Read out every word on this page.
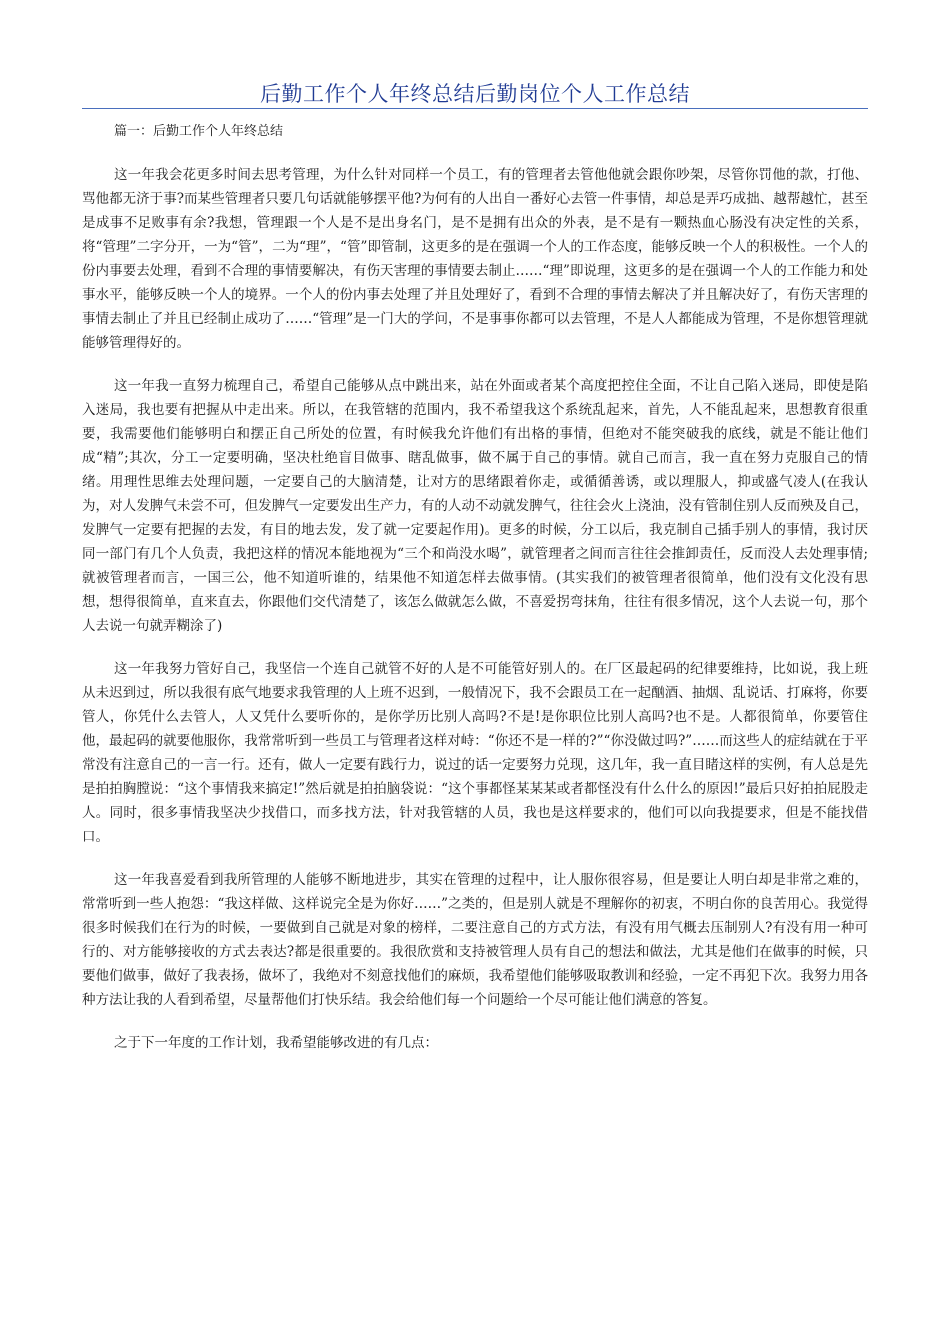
后勤工作个人年终总结后勤岗位个人工作总结

篇一：后勤工作个人年终总结

这一年我会花更多时间去思考管理，为什么针对同样一个员工，有的管理者去管他他就会跟你吵架，尽管你罚他的款，打他、骂他都无济于事?而某些管理者只要几句话就能够摆平他?为何有的人出自一番好心去管一件事情，却总是弄巧成拙、越帮越忙，甚至是成事不足败事有余?我想，管理跟一个人是不是出身名门，是不是拥有出众的外表，是不是有一颗热血心肠没有决定性的关系，将“管理”二字分开，一为“管”，二为“理”，“管”即管制，这更多的是在强调一个人的工作态度，能够反映一个人的积极性。一个人的份内事要去处理，看到不合理的事情要解决，有伤天害理的事情要去制止……“理”即说理，这更多的是在强调一个人的工作能力和处事水平，能够反映一个人的境界。一个人的份内事去处理了并且处理好了，看到不合理的事情去解决了并且解决好了，有伤天害理的事情去制止了并且已经制止成功了……“管理”是一门大的学问，不是事事你都可以去管理，不是人人都能成为管理，不是你想管理就能够管理得好的。

这一年我一直努力梳理自己，希望自己能够从点中跳出来，站在外面或者某个高度把控住全面，不让自己陷入迷局，即使是陷入迷局，我也要有把握从中走出来。所以，在我管辖的范围内，我不希望我这个系统乱起来，首先，人不能乱起来，思想教育很重要，我需要他们能够明白和摆正自己所处的位置，有时候我允许他们有出格的事情，但绝对不能突破我的底线，就是不能让他们成“精”;其次，分工一定要明确，坚决杜绝盲目做事、瞎乱做事，做不属于自己的事情。就自己而言，我一直在努力克服自己的情绪。用理性思维去处理问题，一定要自己的大脑清楚，让对方的思绪跟着你走，或循循善诱，或以理服人，抑或盛气凌人(在我认为，对人发脾气未尝不可，但发脾气一定要发出生产力，有的人动不动就发脾气，往往会火上浇油，没有管制住别人反而殃及自己，发脾气一定要有把握的去发，有目的地去发，发了就一定要起作用)。更多的时候，分工以后，我克制自己插手别人的事情，我讨厌同一部门有几个人负责，我把这样的情况本能地视为“三个和尚没水喝”，就管理者之间而言往往会推卸责任，反而没人去处理事情;就被管理者而言，一国三公，他不知道听谁的，结果他不知道怎样去做事情。(其实我们的被管理者很简单，他们没有文化没有思想，想得很简单，直来直去，你跟他们交代清楚了，该怎么做就怎么做，不喜爱拐弯抹角，往往有很多情况，这个人去说一句，那个人去说一句就弄糊涂了)

这一年我努力管好自己，我坚信一个连自己就管不好的人是不可能管好别人的。在厂区最起码的纪律要维持，比如说，我上班从未迟到过，所以我很有底气地要求我管理的人上班不迟到，一般情况下，我不会跟员工在一起酗酒、抽烟、乱说话、打麻将，你要管人，你凭什么去管人，人又凭什么要听你的，是你学历比别人高吗?不是!是你职位比别人高吗?也不是。人都很简单，你要管住他，最起码的就要他服你，我常常听到一些员工与管理者这样对峙：“你还不是一样的?”“你没做过吗?”……而这些人的症结就在于平常没有注意自己的一言一行。还有，做人一定要有践行力，说过的话一定要努力兑现，这几年，我一直目睹这样的实例，有人总是先是拍拍胸膛说：“这个事情我来搞定!”然后就是拍拍脑袋说：“这个事都怪某某某或者都怪没有什么什么的原因!”最后只好拍拍屁股走人。同时，很多事情我坚决少找借口，而多找方法，针对我管辖的人员，我也是这样要求的，他们可以向我提要求，但是不能找借口。

这一年我喜爱看到我所管理的人能够不断地进步，其实在管理的过程中，让人服你很容易，但是要让人明白却是非常之难的，常常听到一些人抱怨：“我这样做、这样说完全是为你好……”之类的，但是别人就是不理解你的初衷，不明白你的良苦用心。我觉得很多时候我们在行为的时候，一要做到自己就是对象的榜样，二要注意自己的方式方法，有没有用气概去压制别人?有没有用一种可行的、对方能够接收的方式去表达?都是很重要的。我很欣赏和支持被管理人员有自己的想法和做法，尤其是他们在做事的时候，只要他们做事，做好了我表扬，做坏了，我绝对不刻意找他们的麻烦，我希望他们能够吸取教训和经验，一定不再犯下次。我努力用各种方法让我的人看到希望，尽量帮他们打快乐结。我会给他们每一个问题给一个尽可能让他们满意的答复。

之于下一年度的工作计划，我希望能够改进的有几点：
